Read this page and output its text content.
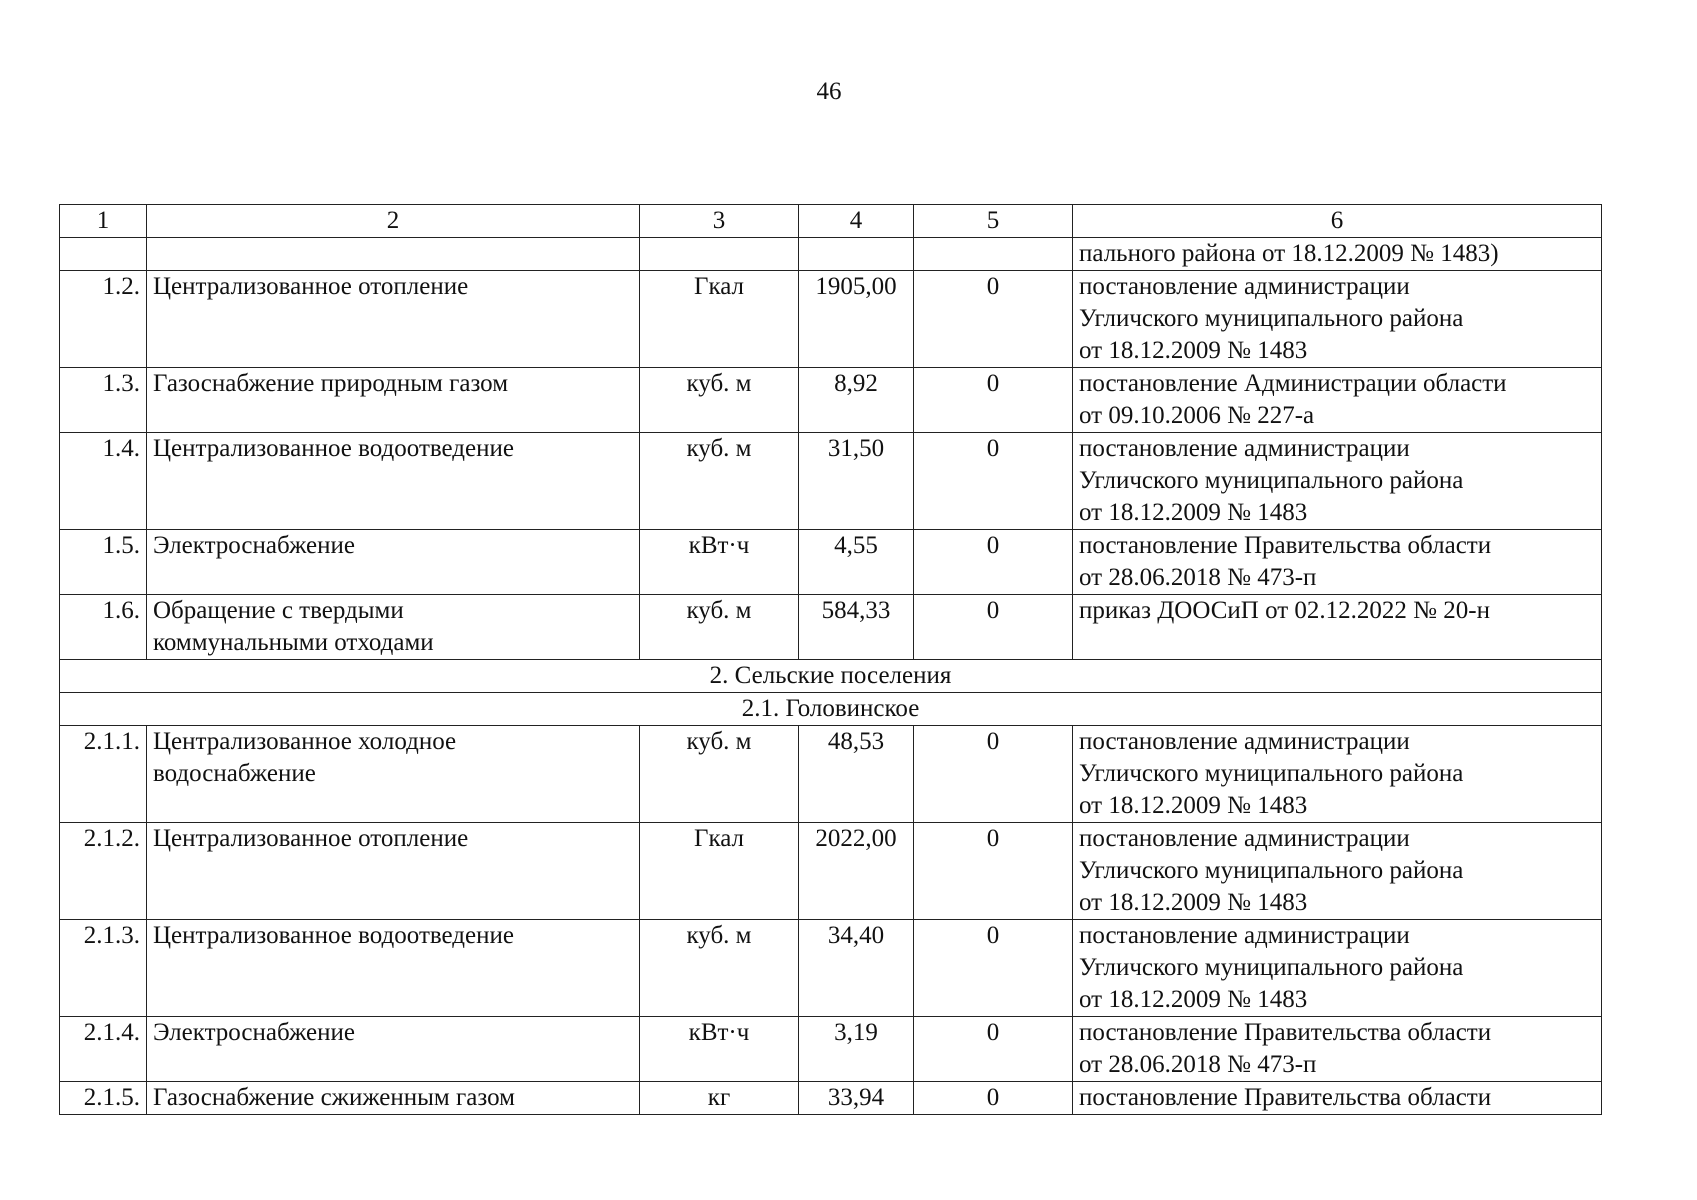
46
1	2	3	4	5	6

					пального района от 18.12.2009 № 1483)

1.2.	Централизованное отопление	Гкал	1905,00	0	постановление администрации
Угличского муниципального района
от 18.12.2009 № 1483

1.3.	Газоснабжение природным газом	куб. м	8,92	0	постановление Администрации области
от 09.10.2006 № 227-а

1.4.	Централизованное водоотведение	куб. м	31,50	0	постановление администрации
Угличского муниципального района
от 18.12.2009 № 1483

1.5.	Электроснабжение	кВт·ч	4,55	0	постановление Правительства области
от 28.06.2018 № 473-п

1.6.	Обращение с твердыми
коммунальными отходами	куб. м	584,33	0	приказ ДООСиП от 02.12.2022 № 20-н

2. Сельские поселения					
2.1. Головинское					
2.1.1.	Централизованное холодное
водоснабжение	куб. м	48,53	0	постановление администрации
Угличского муниципального района
от 18.12.2009 № 1483

2.1.2.	Централизованное отопление	Гкал	2022,00	0	постановление администрации
Угличского муниципального района
от 18.12.2009 № 1483

2.1.3.	Централизованное водоотведение	куб. м	34,40	0	постановление администрации
Угличского муниципального района
от 18.12.2009 № 1483

2.1.4.	Электроснабжение	кВт·ч	3,19	0	постановление Правительства области
от 28.06.2018 № 473-п

2.1.5.	Газоснабжение сжиженным газом	кг	33,94	0	постановление Правительства области
